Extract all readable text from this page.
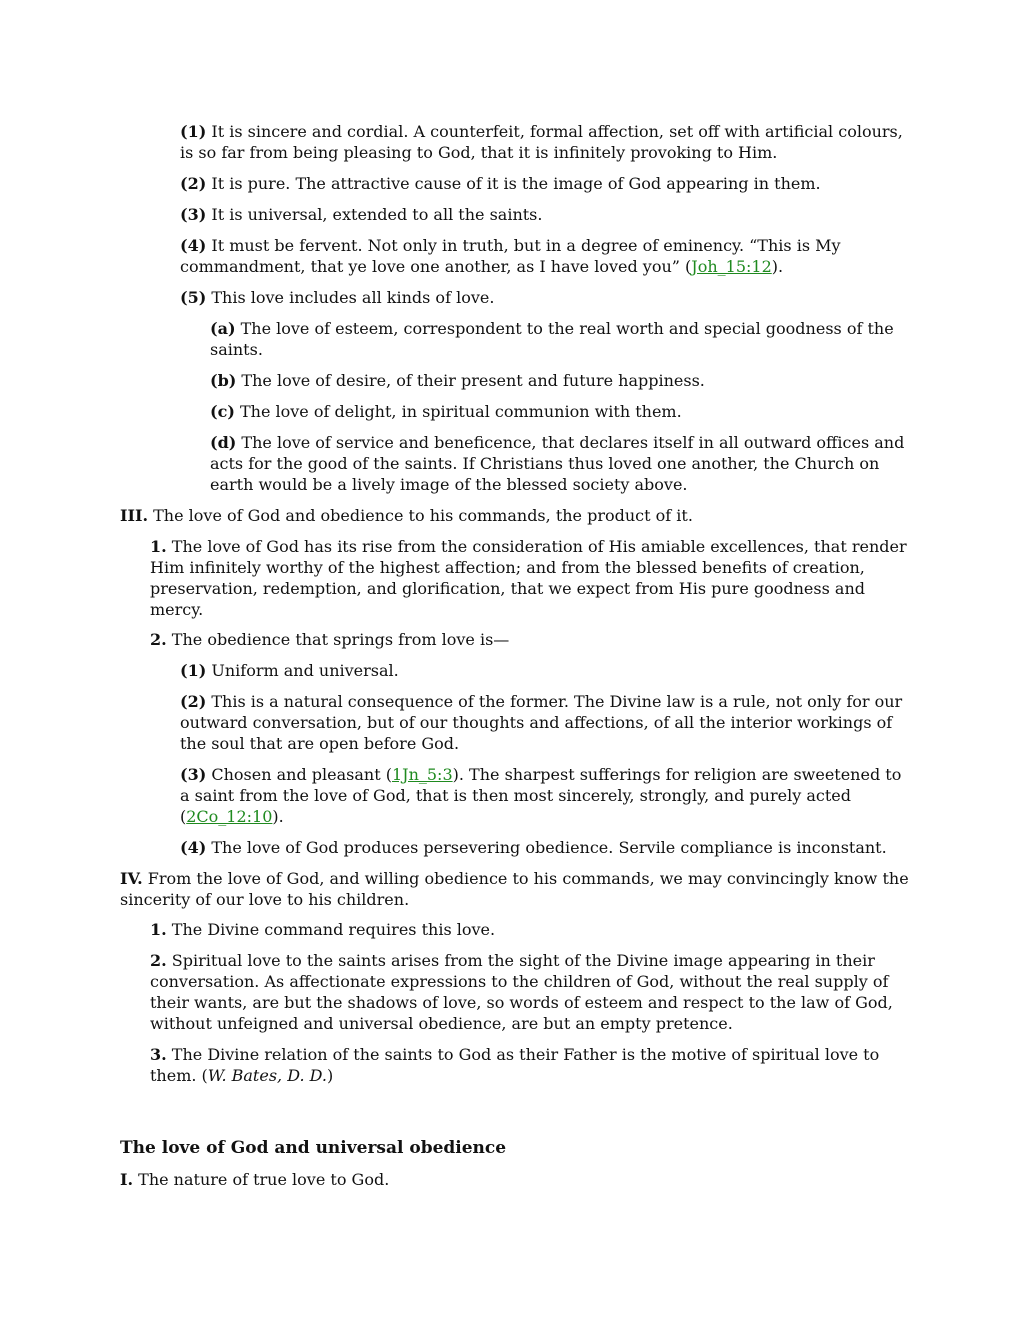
(1) It is sincere and cordial. A counterfeit, formal affection, set off with artificial colours, is so far from being pleasing to God, that it is infinitely provoking to Him.

(2) It is pure. The attractive cause of it is the image of God appearing in them.

(3) It is universal, extended to all the saints.

(4) It must be fervent. Not only in truth, but in a degree of eminency. “This is My commandment, that ye love one another, as I have loved you” (Joh_15:12).

(5) This love includes all kinds of love.

(a) The love of esteem, correspondent to the real worth and special goodness of the saints.

(b) The love of desire, of their present and future happiness.

(c) The love of delight, in spiritual communion with them.

(d) The love of service and beneficence, that declares itself in all outward offices and acts for the good of the saints. If Christians thus loved one another, the Church on earth would be a lively image of the blessed society above.

III. The love of God and obedience to his commands, the product of it.

1. The love of God has its rise from the consideration of His amiable excellences, that render Him infinitely worthy of the highest affection; and from the blessed benefits of creation, preservation, redemption, and glorification, that we expect from His pure goodness and mercy.

2. The obedience that springs from love is—

(1) Uniform and universal.

(2) This is a natural consequence of the former. The Divine law is a rule, not only for our outward conversation, but of our thoughts and affections, of all the interior workings of the soul that are open before God.

(3) Chosen and pleasant (1Jn_5:3). The sharpest sufferings for religion are sweetened to a saint from the love of God, that is then most sincerely, strongly, and purely acted (2Co_12:10).

(4) The love of God produces persevering obedience. Servile compliance is inconstant.

IV. From the love of God, and willing obedience to his commands, we may convincingly know the sincerity of our love to his children.

1. The Divine command requires this love.

2. Spiritual love to the saints arises from the sight of the Divine image appearing in their conversation. As affectionate expressions to the children of God, without the real supply of their wants, are but the shadows of love, so words of esteem and respect to the law of God, without unfeigned and universal obedience, are but an empty pretence.

3. The Divine relation of the saints to God as their Father is the motive of spiritual love to them. (W. Bates, D. D.)

The love of God and universal obedience

I. The nature of true love to God.
